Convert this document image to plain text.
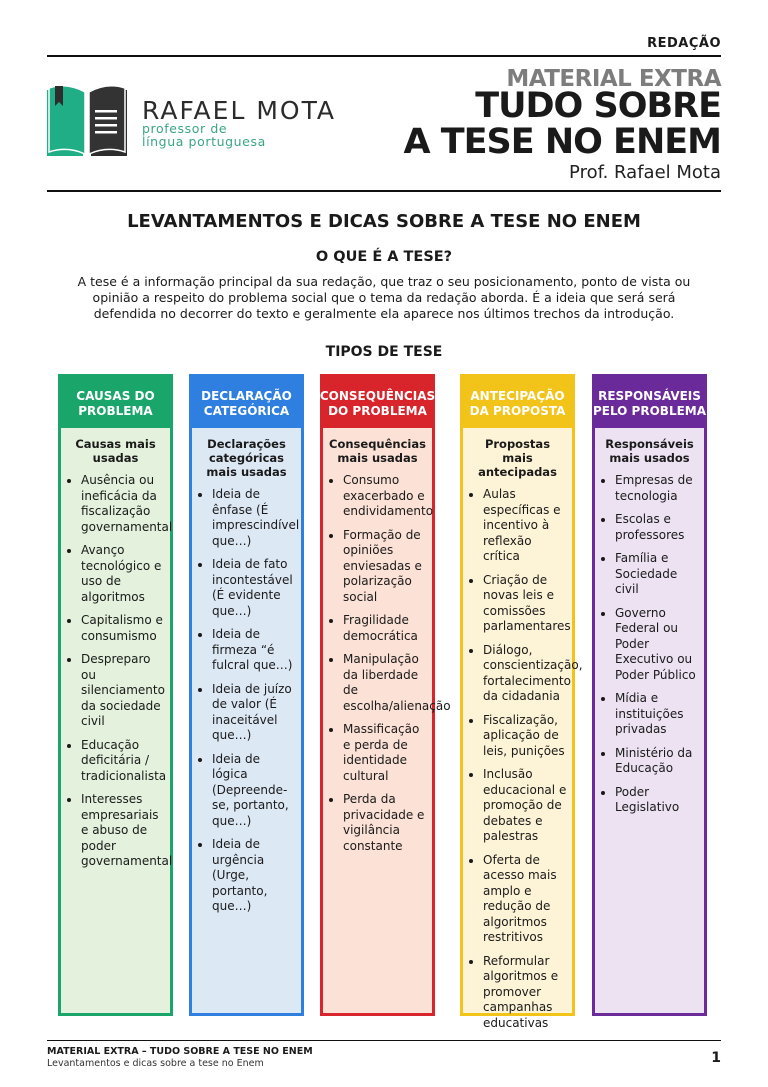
REDAÇÃO
RAFAEL MOTA
professor de
língua portuguesa
MATERIAL EXTRA
TUDO SOBRE
A TESE NO ENEM
Prof. Rafael Mota
LEVANTAMENTOS E DICAS SOBRE A TESE NO ENEM
O QUE É A TESE?
A tese é a informação principal da sua redação, que traz o seu posicionamento, ponto de vista ou opinião a respeito do problema social que o tema da redação aborda. É a ideia que será será defendida no decorrer do texto e geralmente ela aparece nos últimos trechos da introdução.
TIPOS DE TESE
Causas mais usadas
• Ausência ou ineficácia da fiscalização governamental
• Avanço tecnológico e uso de algoritmos
• Capitalismo e consumismo
• Despreparo ou silenciamento da sociedade civil
• Educação deficitária / tradicionalista
• Interesses empresariais e abuso de poder governamental
CAUSAS DO PROBLEMA
Declarações categóricas mais usadas
• Ideia de ênfase (É imprescindível que…)
• Ideia de fato incontestável (É evidente que…)
• Ideia de firmeza “é fulcral que…)
• Ideia de juízo de valor (É inaceitável que…)
• Ideia de lógica (Depreende-se, portanto, que…)
• Ideia de urgência (Urge, portanto, que…)
DECLARAÇÃO CATEGÓRICA
Consequências mais usadas
• Consumo exacerbado e endividamento
• Formação de opiniões enviesadas e polarização social
• Fragilidade democrática
• Manipulação da liberdade de escolha/alienação
• Massificação e perda de identidade cultural
• Perda da privacidade e vigilância constante
CONSEQUÊNCIAS DO PROBLEMA
Propostas mais antecipadas
• Aulas específicas e incentivo à reflexão crítica
• Criação de novas leis e comissões parlamentares
• Diálogo, conscientização, fortalecimento da cidadania
• Fiscalização, aplicação de leis, punições
• Inclusão educacional e promoção de debates e palestras
• Oferta de acesso mais amplo e redução de algoritmos restritivos
• Reformular algoritmos e promover campanhas educativas
ANTECIPAÇÃO DA PROPOSTA
Responsáveis mais usados
• Empresas de tecnologia
• Escolas e professores
• Família e Sociedade civil
• Governo Federal ou Poder Executivo ou Poder Público
• Mídia e instituições privadas
• Ministério da Educação
• Poder Legislativo
RESPONSÁVEIS PELO PROBLEMA
MATERIAL EXTRA – TUDO SOBRE A TESE NO ENEM
Levantamentos e dicas sobre a tese no Enem	1
